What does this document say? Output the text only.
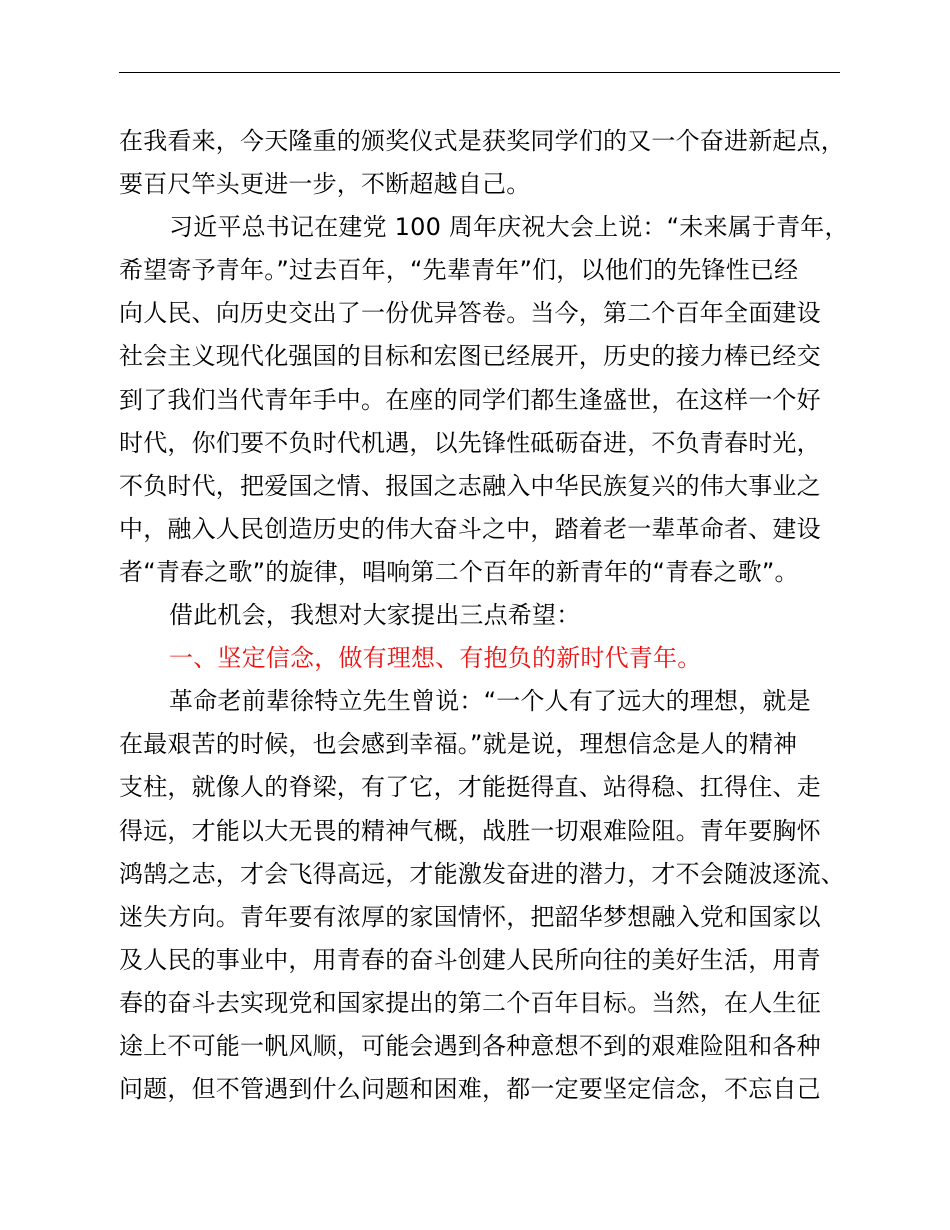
在我看来，今天隆重的颁奖仪式是获奖同学们的又一个奋进新起点，
要百尺竿头更进一步，不断超越自己。
习近平总书记在建党 100 周年庆祝大会上说：“未来属于青年，
希望寄予青年。”过去百年，“先辈青年”们，以他们的先锋性已经
向人民、向历史交出了一份优异答卷。当今，第二个百年全面建设
社会主义现代化强国的目标和宏图已经展开，历史的接力棒已经交
到了我们当代青年手中。在座的同学们都生逢盛世，在这样一个好
时代，你们要不负时代机遇，以先锋性砥砺奋进，不负青春时光，
不负时代，把爱国之情、报国之志融入中华民族复兴的伟大事业之
中，融入人民创造历史的伟大奋斗之中，踏着老一辈革命者、建设
者“青春之歌”的旋律，唱响第二个百年的新青年的“青春之歌”。
借此机会，我想对大家提出三点希望：
一、坚定信念，做有理想、有抱负的新时代青年。
革命老前辈徐特立先生曾说：“一个人有了远大的理想，就是
在最艰苦的时候，也会感到幸福。”就是说，理想信念是人的精神
支柱，就像人的脊梁，有了它，才能挺得直、站得稳、扛得住、走
得远，才能以大无畏的精神气概，战胜一切艰难险阻。青年要胸怀
鸿鹄之志，才会飞得高远，才能激发奋进的潜力，才不会随波逐流、
迷失方向。青年要有浓厚的家国情怀，把韶华梦想融入党和国家以
及人民的事业中，用青春的奋斗创建人民所向往的美好生活，用青
春的奋斗去实现党和国家提出的第二个百年目标。当然，在人生征
途上不可能一帆风顺，可能会遇到各种意想不到的艰难险阻和各种
问题，但不管遇到什么问题和困难，都一定要坚定信念，不忘自己
